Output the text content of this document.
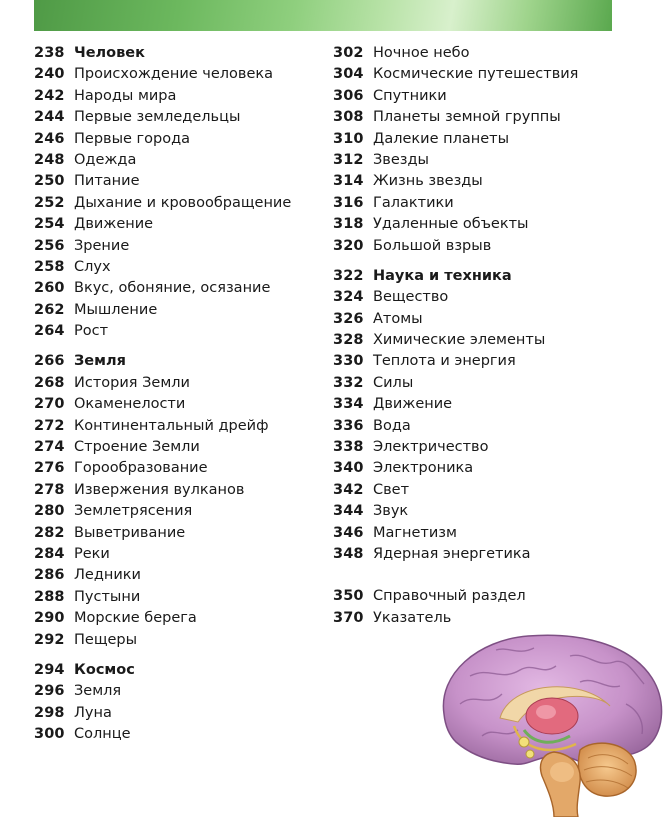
238 Человек
240 Происхождение человека
242 Народы мира
244 Первые земледельцы
246 Первые города
248 Одежда
250 Питание
252 Дыхание и кровообращение
254 Движение
256 Зрение
258 Слух
260 Вкус, обоняние, осязание
262 Мышление
264 Рост
266 Земля
268 История Земли
270 Окаменелости
272 Континентальный дрейф
274 Строение Земли
276 Горообразование
278 Извержения вулканов
280 Землетрясения
282 Выветривание
284 Реки
286 Ледники
288 Пустыни
290 Морские берега
292 Пещеры
294 Космос
296 Земля
298 Луна
300 Солнце
302 Ночное небо
304 Космические путешествия
306 Спутники
308 Планеты земной группы
310 Далекие планеты
312 Звезды
314 Жизнь звезды
316 Галактики
318 Удаленные объекты
320 Большой взрыв
322 Наука и техника
324 Вещество
326 Атомы
328 Химические элементы
330 Теплота и энергия
332 Силы
334 Движение
336 Вода
338 Электричество
340 Электроника
342 Свет
344 Звук
346 Магнетизм
348 Ядерная энергетика
350 Справочный раздел
370 Указатель
